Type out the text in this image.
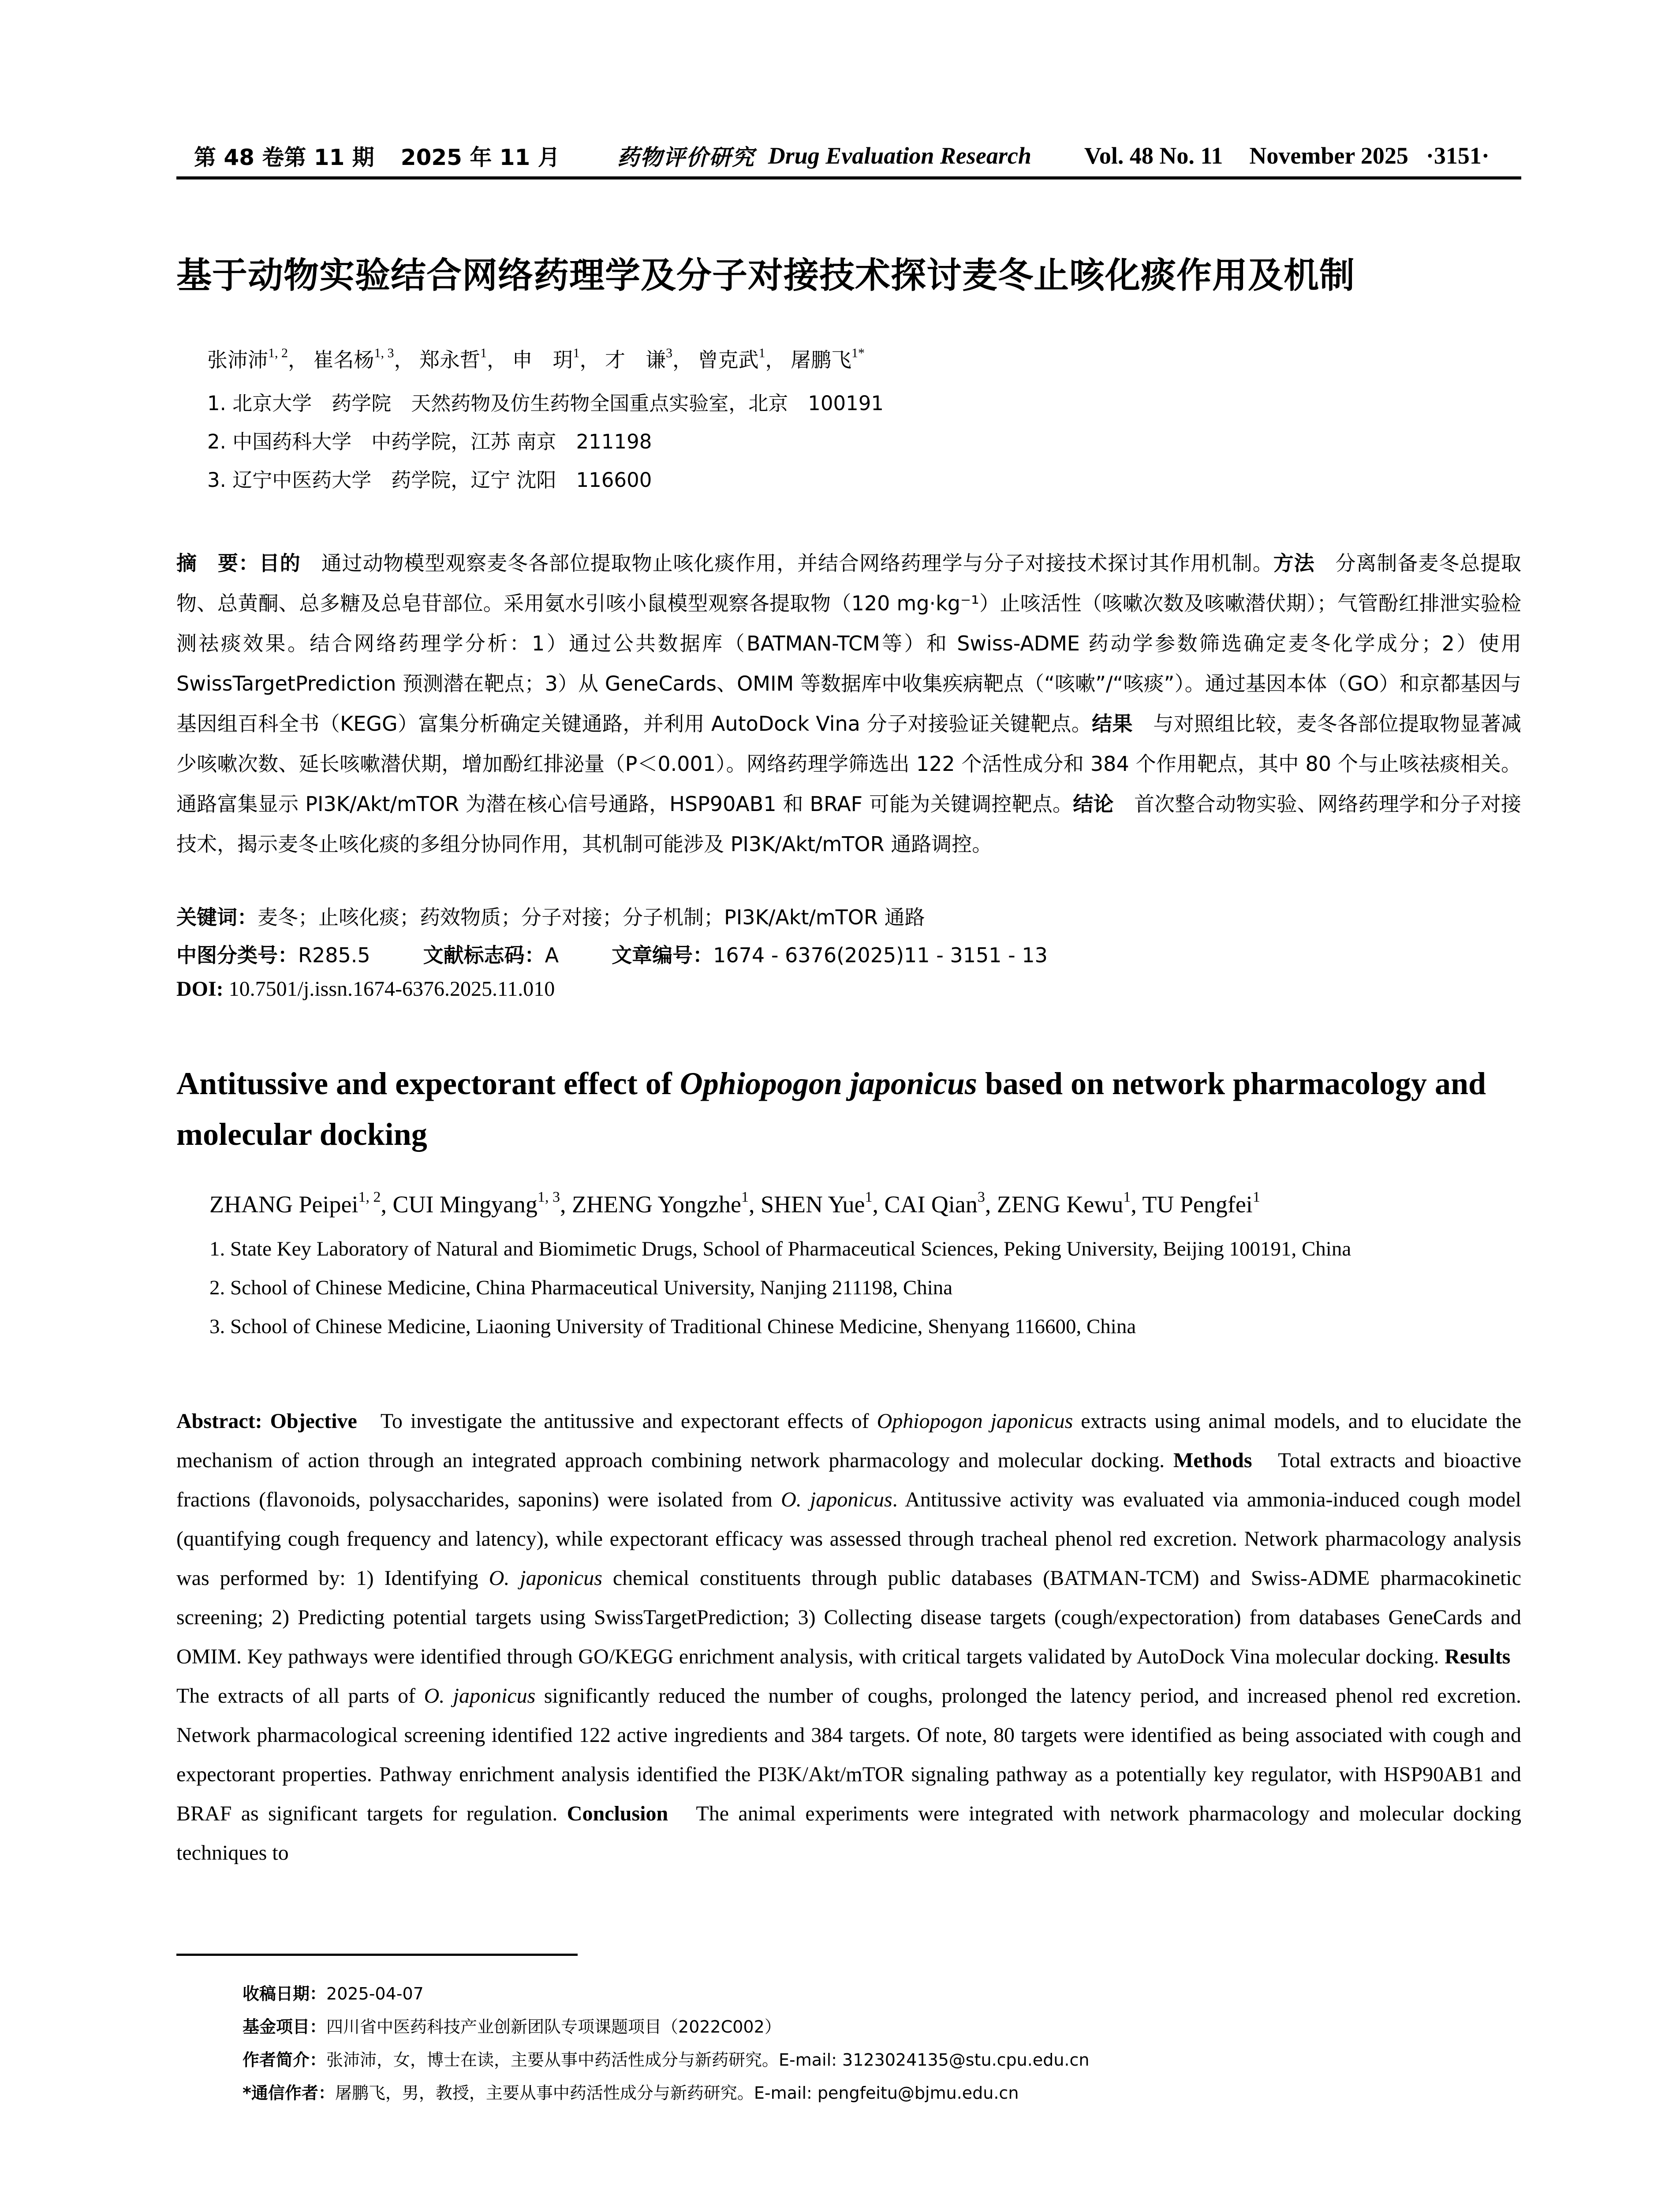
第 48 卷第 11 期 2025 年 11 月	药物评价研究 Drug Evaluation Research Vol. 48 No. 11 November 2025 ·3151·
基于动物实验结合网络药理学及分子对接技术探讨麦冬止咳化痰作用及机制
张沛沛$^{1, 2}$， 崔名杨$^{1, 3}$， 郑永哲$^1$， 申　玥$^1$， 才　谦$^3$， 曾克武$^1$， 屠鹏飞$^{1*}$
1. 北京大学　药学院　天然药物及仿生药物全国重点实验室，北京　100191
2. 中国药科大学　中药学院，江苏 南京　211198
3. 辽宁中医药大学　药学院，辽宁 沈阳　116600
摘　要：目的　 通过动物模型观察麦冬各部位提取物止咳化痰作用，并结合网络药理学与分子对接技术探讨其作用机制。方法　 分离制备麦冬总提取物、总黄酮、总多糖及总皂苷部位。采用氨水引咳小鼠模型观察各提取物（120 mg·kg⁻¹）止咳活性（咳嗽次数及咳嗽潜伏期）；气管酚红排泄实验检测祛痰效果。结合网络药理学分析：1）通过公共数据库（BATMAN-TCM等）和 Swiss-ADME 药动学参数筛选确定麦冬化学成分；2）使用 SwissTargetPrediction 预测潜在靶点；3）从 GeneCards、OMIM 等数据库中收集疾病靶点（“咳嗽”/“咳痰”）。通过基因本体（GO）和京都基因与基因组百科全书（KEGG）富集分析确定关键通路，并利用 AutoDock Vina 分子对接验证关键靶点。结果　 与对照组比较，麦冬各部位提取物显著减少咳嗽次数、延长咳嗽潜伏期，增加酚红排泌量（P＜0.001）。网络药理学筛选出 122 个活性成分和 384 个作用靶点，其中 80 个与止咳祛痰相关。通路富集显示 PI3K/Akt/mTOR 为潜在核心信号通路，HSP90AB1 和 BRAF 可能为关键调控靶点。结论　 首次整合动物实验、网络药理学和分子对接技术，揭示麦冬止咳化痰的多组分协同作用，其机制可能涉及 PI3K/Akt/mTOR 通路调控。
关键词：麦冬；止咳化痰；药效物质；分子对接；分子机制；PI3K/Akt/mTOR 通路
中图分类号：R285.5	文献标志码：A	文章编号：1674 - 6376(2025)11 - 3151 - 13
DOI: 10.7501/j.issn.1674-6376.2025.11.010
Antitussive and expectorant effect of Ophiopogon japonicus based on network pharmacology and molecular docking
ZHANG Peipei$^{1, 2}$, CUI Mingyang$^{1, 3}$, ZHENG Yongzhe$^1$, SHEN Yue$^1$, CAI Qian$^3$, ZENG Kewu$^1$, TU Pengfei$^1$
1. State Key Laboratory of Natural and Biomimetic Drugs, School of Pharmaceutical Sciences, Peking University, Beijing 100191, China
2. School of Chinese Medicine, China Pharmaceutical University, Nanjing 211198, China
3. School of Chinese Medicine, Liaoning University of Traditional Chinese Medicine, Shenyang 116600, China
Abstract: Objective To investigate the antitussive and expectorant effects of Ophiopogon japonicus extracts using animal models, and to elucidate the mechanism of action through an integrated approach combining network pharmacology and molecular docking. Methods Total extracts and bioactive fractions (flavonoids, polysaccharides, saponins) were isolated from O. japonicus. Antitussive activity was evaluated via ammonia-induced cough model (quantifying cough frequency and latency), while expectorant efficacy was assessed through tracheal phenol red excretion. Network pharmacology analysis was performed by: 1) Identifying O. japonicus chemical constituents through public databases (BATMAN-TCM) and Swiss-ADME pharmacokinetic screening; 2) Predicting potential targets using SwissTargetPrediction; 3) Collecting disease targets (cough/expectoration) from databases GeneCards and OMIM. Key pathways were identified through GO/KEGG enrichment analysis, with critical targets validated by AutoDock Vina molecular docking. Results   The extracts of all parts of O. japonicus significantly reduced the number of coughs, prolonged the latency period, and increased phenol red excretion. Network pharmacological screening identified 122 active ingredients and 384 targets. Of note, 80 targets were identified as being associated with cough and expectorant properties. Pathway enrichment analysis identified the PI3K/Akt/mTOR signaling pathway as a potentially key regulator, with HSP90AB1 and BRAF as significant targets for regulation. Conclusion The animal experiments were integrated with network pharmacology and molecular docking techniques to
收稿日期：2025-04-07
基金项目：四川省中医药科技产业创新团队专项课题项目（2022C002）
作者简介：张沛沛，女，博士在读，主要从事中药活性成分与新药研究。E-mail: 3123024135@stu.cpu.edu.cn
*通信作者：屠鹏飞，男，教授，主要从事中药活性成分与新药研究。E-mail: pengfeitu@bjmu.edu.cn
